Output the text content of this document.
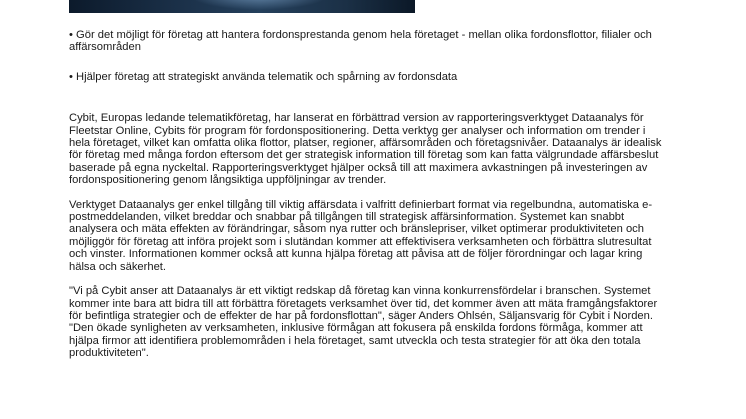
• Gör det möjligt för företag att hantera fordonsprestanda genom hela företaget - mellan olika fordonsflottor, filialer och affärsområden

• Hjälper företag att strategiskt använda telematik och spårning av fordonsdata

Cybit, Europas ledande telematikföretag, har lanserat en förbättrad version av rapporteringsverktyget Dataanalys för Fleetstar Online, Cybits för program för fordonspositionering. Detta verktyg ger analyser och information om trender i hela företaget, vilket kan omfatta olika flottor, platser, regioner, affärsområden och företagsnivåer. Dataanalys är idealisk för företag med många fordon eftersom det ger strategisk information till företag som kan fatta välgrundade affärsbeslut baserade på egna nyckeltal. Rapporteringsverktyget hjälper också till att maximera avkastningen på investeringen av fordonspositionering genom långsiktiga uppföljningar av trender.

Verktyget Dataanalys ger enkel tillgång till viktig affärsdata i valfritt definierbart format via regelbundna, automatiska e-postmeddelanden, vilket breddar och snabbar på tillgången till strategisk affärsinformation. Systemet kan snabbt analysera och mäta effekten av förändringar, såsom nya rutter och bränslepriser, vilket optimerar produktiviteten och möjliggör för företag att införa projekt som i slutändan kommer att effektivisera verksamheten och förbättra slutresultat och vinster. Informationen kommer också att kunna hjälpa företag att påvisa att de följer förordningar och lagar kring hälsa och säkerhet.

"Vi på Cybit anser att Dataanalys är ett viktigt redskap då företag kan vinna konkurrensfördelar i branschen. Systemet kommer inte bara att bidra till att förbättra företagets verksamhet över tid, det kommer även att mäta framgångsfaktorer för befintliga strategier och de effekter de har på fordonsflottan", säger Anders Ohlsén, Säljansvarig för Cybit i Norden. "Den ökade synligheten av verksamheten, inklusive förmågan att fokusera på enskilda fordons förmåga, kommer att hjälpa firmor att identifiera problemområden i hela företaget, samt utveckla och testa strategier för att öka den totala produktiviteten".
